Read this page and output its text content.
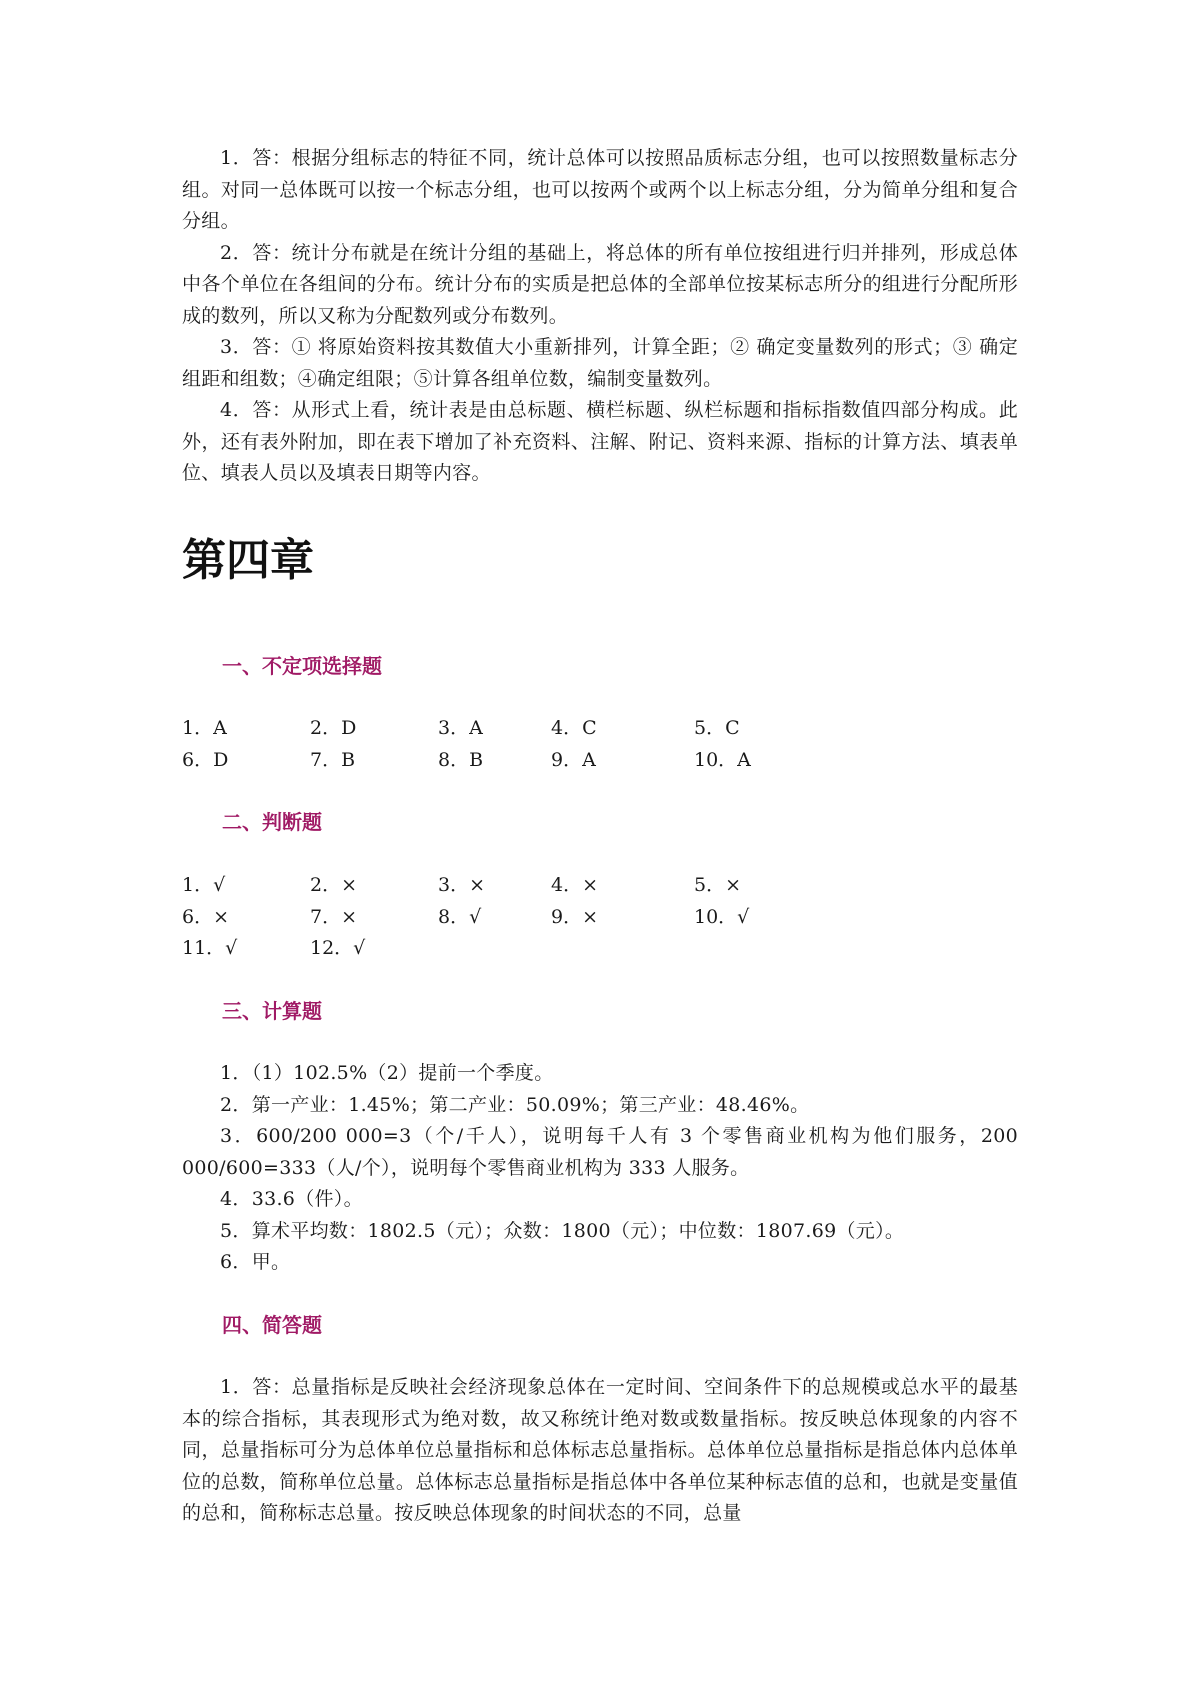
1．答：根据分组标志的特征不同，统计总体可以按照品质标志分组，也可以按照数量标志分组。对同一总体既可以按一个标志分组，也可以按两个或两个以上标志分组，分为简单分组和复合分组。

2．答：统计分布就是在统计分组的基础上，将总体的所有单位按组进行归并排列，形成总体中各个单位在各组间的分布。统计分布的实质是把总体的全部单位按某标志所分的组进行分配所形成的数列，所以又称为分配数列或分布数列。

3．答：① 将原始资料按其数值大小重新排列，计算全距；② 确定变量数列的形式；③ 确定组距和组数；④确定组限；⑤计算各组单位数，编制变量数列。

4．答：从形式上看，统计表是由总标题、横栏标题、纵栏标题和指标指数值四部分构成。此外，还有表外附加，即在表下增加了补充资料、注解、附记、资料来源、指标的计算方法、填表单位、填表人员以及填表日期等内容。

第四章
一、不定项选择题
1．A	2．D	3．A	4．C	5．C
6．D	7．B	8．B	9．A	10．A
二、判断题
1．√	2．×	3．×	4．×	5．×
6．×	7．×	8．√	9．×	10．√
11．√	12．√
三、计算题

1．（1）102.5%（2）提前一个季度。

2．第一产业：1.45%；第二产业：50.09%；第三产业：48.46%。

3．600/200 000=3（个/千人），说明每千人有 3 个零售商业机构为他们服务，200 000/600=333（人/个），说明每个零售商业机构为 333 人服务。

4．33.6（件）。

5．算术平均数：1802.5（元）；众数：1800（元）；中位数：1807.69（元）。

6．甲。

四、简答题

1．答：总量指标是反映社会经济现象总体在一定时间、空间条件下的总规模或总水平的最基本的综合指标，其表现形式为绝对数，故又称统计绝对数或数量指标。按反映总体现象的内容不同，总量指标可分为总体单位总量指标和总体标志总量指标。总体单位总量指标是指总体内总体单位的总数，简称单位总量。总体标志总量指标是指总体中各单位某种标志值的总和，也就是变量值的总和，简称标志总量。按反映总体现象的时间状态的不同，总量
